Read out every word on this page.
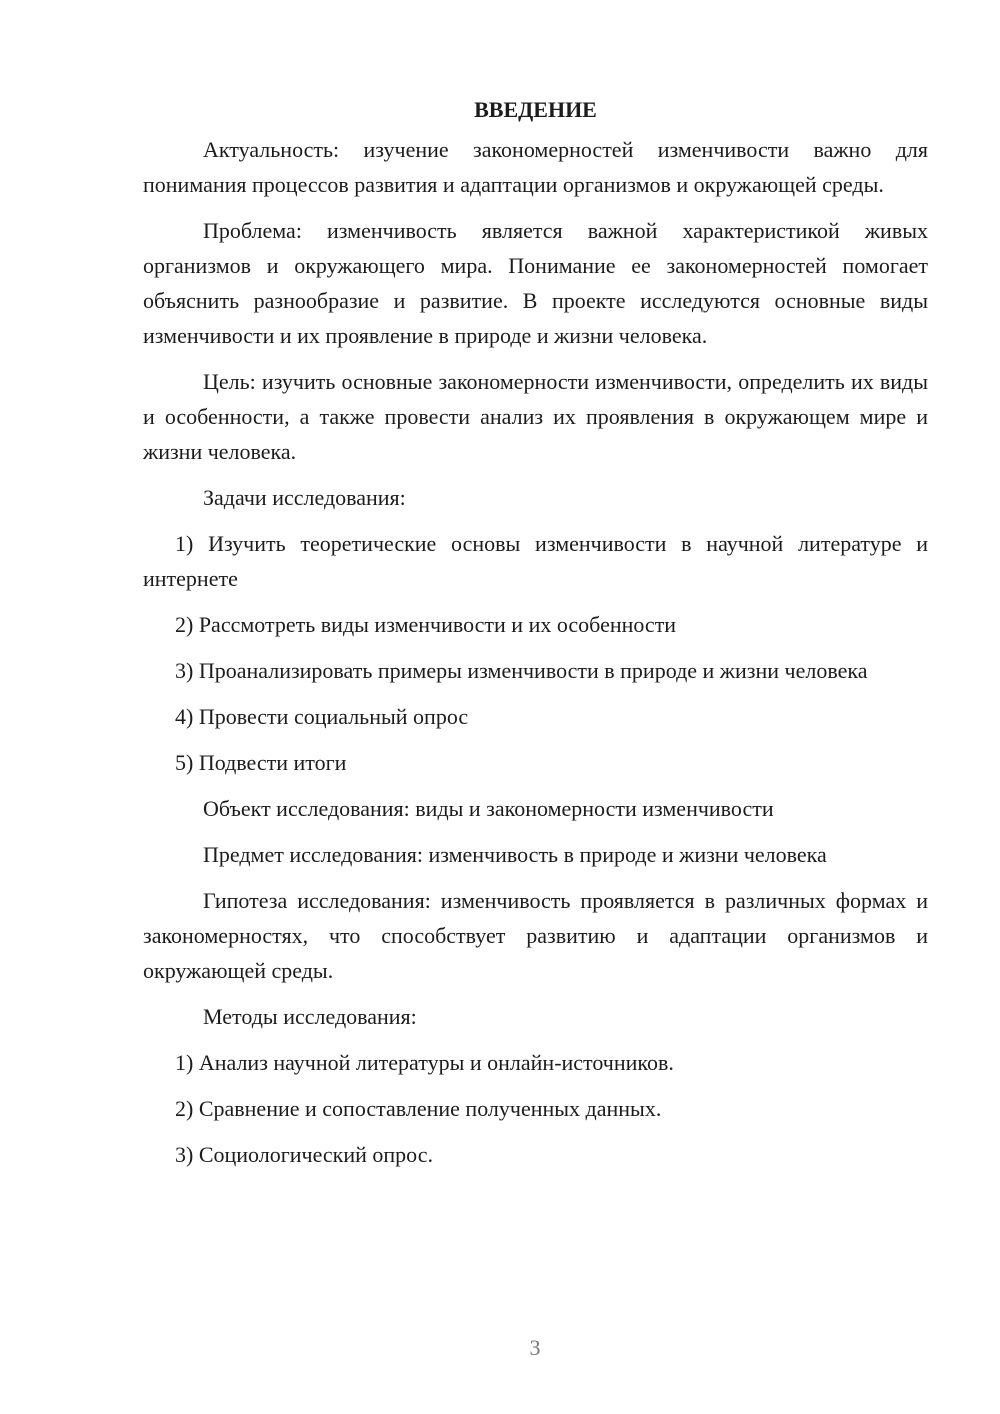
ВВЕДЕНИЕ

Актуальность: изучение закономерностей изменчивости важно для понимания процессов развития и адаптации организмов и окружающей среды.

Проблема: изменчивость является важной характеристикой живых организмов и окружающего мира. Понимание ее закономерностей помогает объяснить разнообразие и развитие. В проекте исследуются основные виды изменчивости и их проявление в природе и жизни человека.

Цель: изучить основные закономерности изменчивости, определить их виды и особенности, а также провести анализ их проявления в окружающем мире и жизни человека.

Задачи исследования:

1) Изучить теоретические основы изменчивости в научной литературе и интернете

2) Рассмотреть виды изменчивости и их особенности

3) Проанализировать примеры изменчивости в природе и жизни человека

4) Провести социальный опрос

5) Подвести итоги

Объект исследования: виды и закономерности изменчивости

Предмет исследования: изменчивость в природе и жизни человека

Гипотеза исследования: изменчивость проявляется в различных формах и закономерностях, что способствует развитию и адаптации организмов и окружающей среды.

Методы исследования:

1) Анализ научной литературы и онлайн-источников.

2) Сравнение и сопоставление полученных данных.

3) Социологический опрос.

3
